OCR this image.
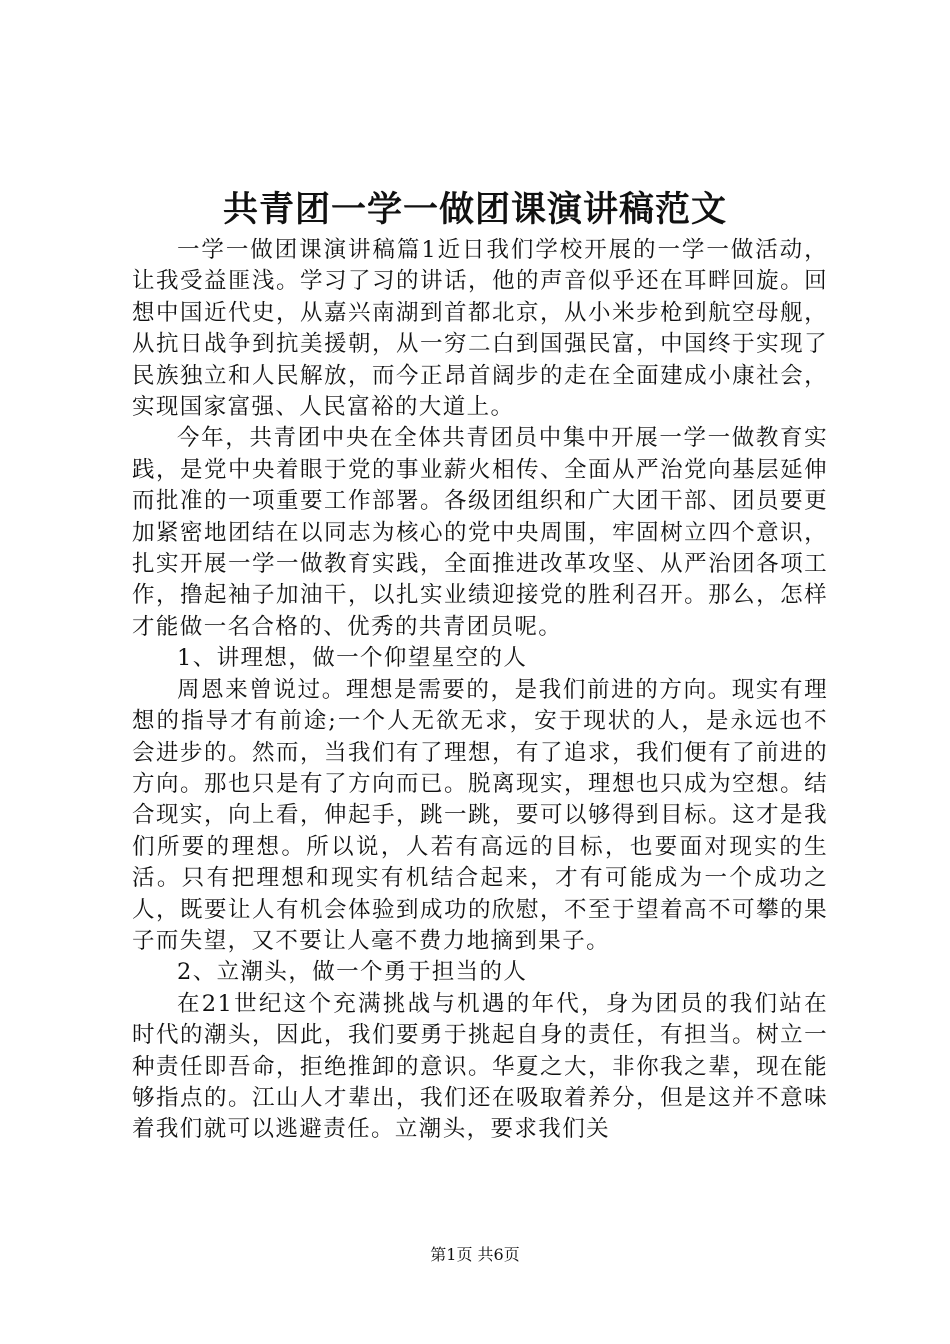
共青团一学一做团课演讲稿范文

一学一做团课演讲稿篇1近日我们学校开展的一学一做活动，让我受益匪浅。学习了习的讲话，他的声音似乎还在耳畔回旋。回想中国近代史，从嘉兴南湖到首都北京，从小米步枪到航空母舰，从抗日战争到抗美援朝，从一穷二白到国强民富，中国终于实现了民族独立和人民解放，而今正昂首阔步的走在全面建成小康社会，实现国家富强、人民富裕的大道上。

今年，共青团中央在全体共青团员中集中开展一学一做教育实践，是党中央着眼于党的事业薪火相传、全面从严治党向基层延伸而批准的一项重要工作部署。各级团组织和广大团干部、团员要更加紧密地团结在以同志为核心的党中央周围，牢固树立四个意识，扎实开展一学一做教育实践，全面推进改革攻坚、从严治团各项工作，撸起袖子加油干，以扎实业绩迎接党的胜利召开。那么，怎样才能做一名合格的、优秀的共青团员呢。

1、讲理想，做一个仰望星空的人

周恩来曾说过。理想是需要的，是我们前进的方向。现实有理想的指导才有前途;一个人无欲无求，安于现状的人，是永远也不会进步的。然而，当我们有了理想，有了追求，我们便有了前进的方向。那也只是有了方向而已。脱离现实，理想也只成为空想。结合现实，向上看，伸起手，跳一跳，要可以够得到目标。这才是我们所要的理想。所以说，人若有高远的目标，也要面对现实的生活。只有把理想和现实有机结合起来，才有可能成为一个成功之人，既要让人有机会体验到成功的欣慰，不至于望着高不可攀的果子而失望，又不要让人毫不费力地摘到果子。

2、立潮头，做一个勇于担当的人

在21世纪这个充满挑战与机遇的年代，身为团员的我们站在时代的潮头，因此，我们要勇于挑起自身的责任，有担当。树立一种责任即吾命，拒绝推卸的意识。华夏之大，非你我之辈，现在能够指点的。江山人才辈出，我们还在吸取着养分，但是这并不意味着我们就可以逃避责任。立潮头，要求我们关

第1页 共6页
